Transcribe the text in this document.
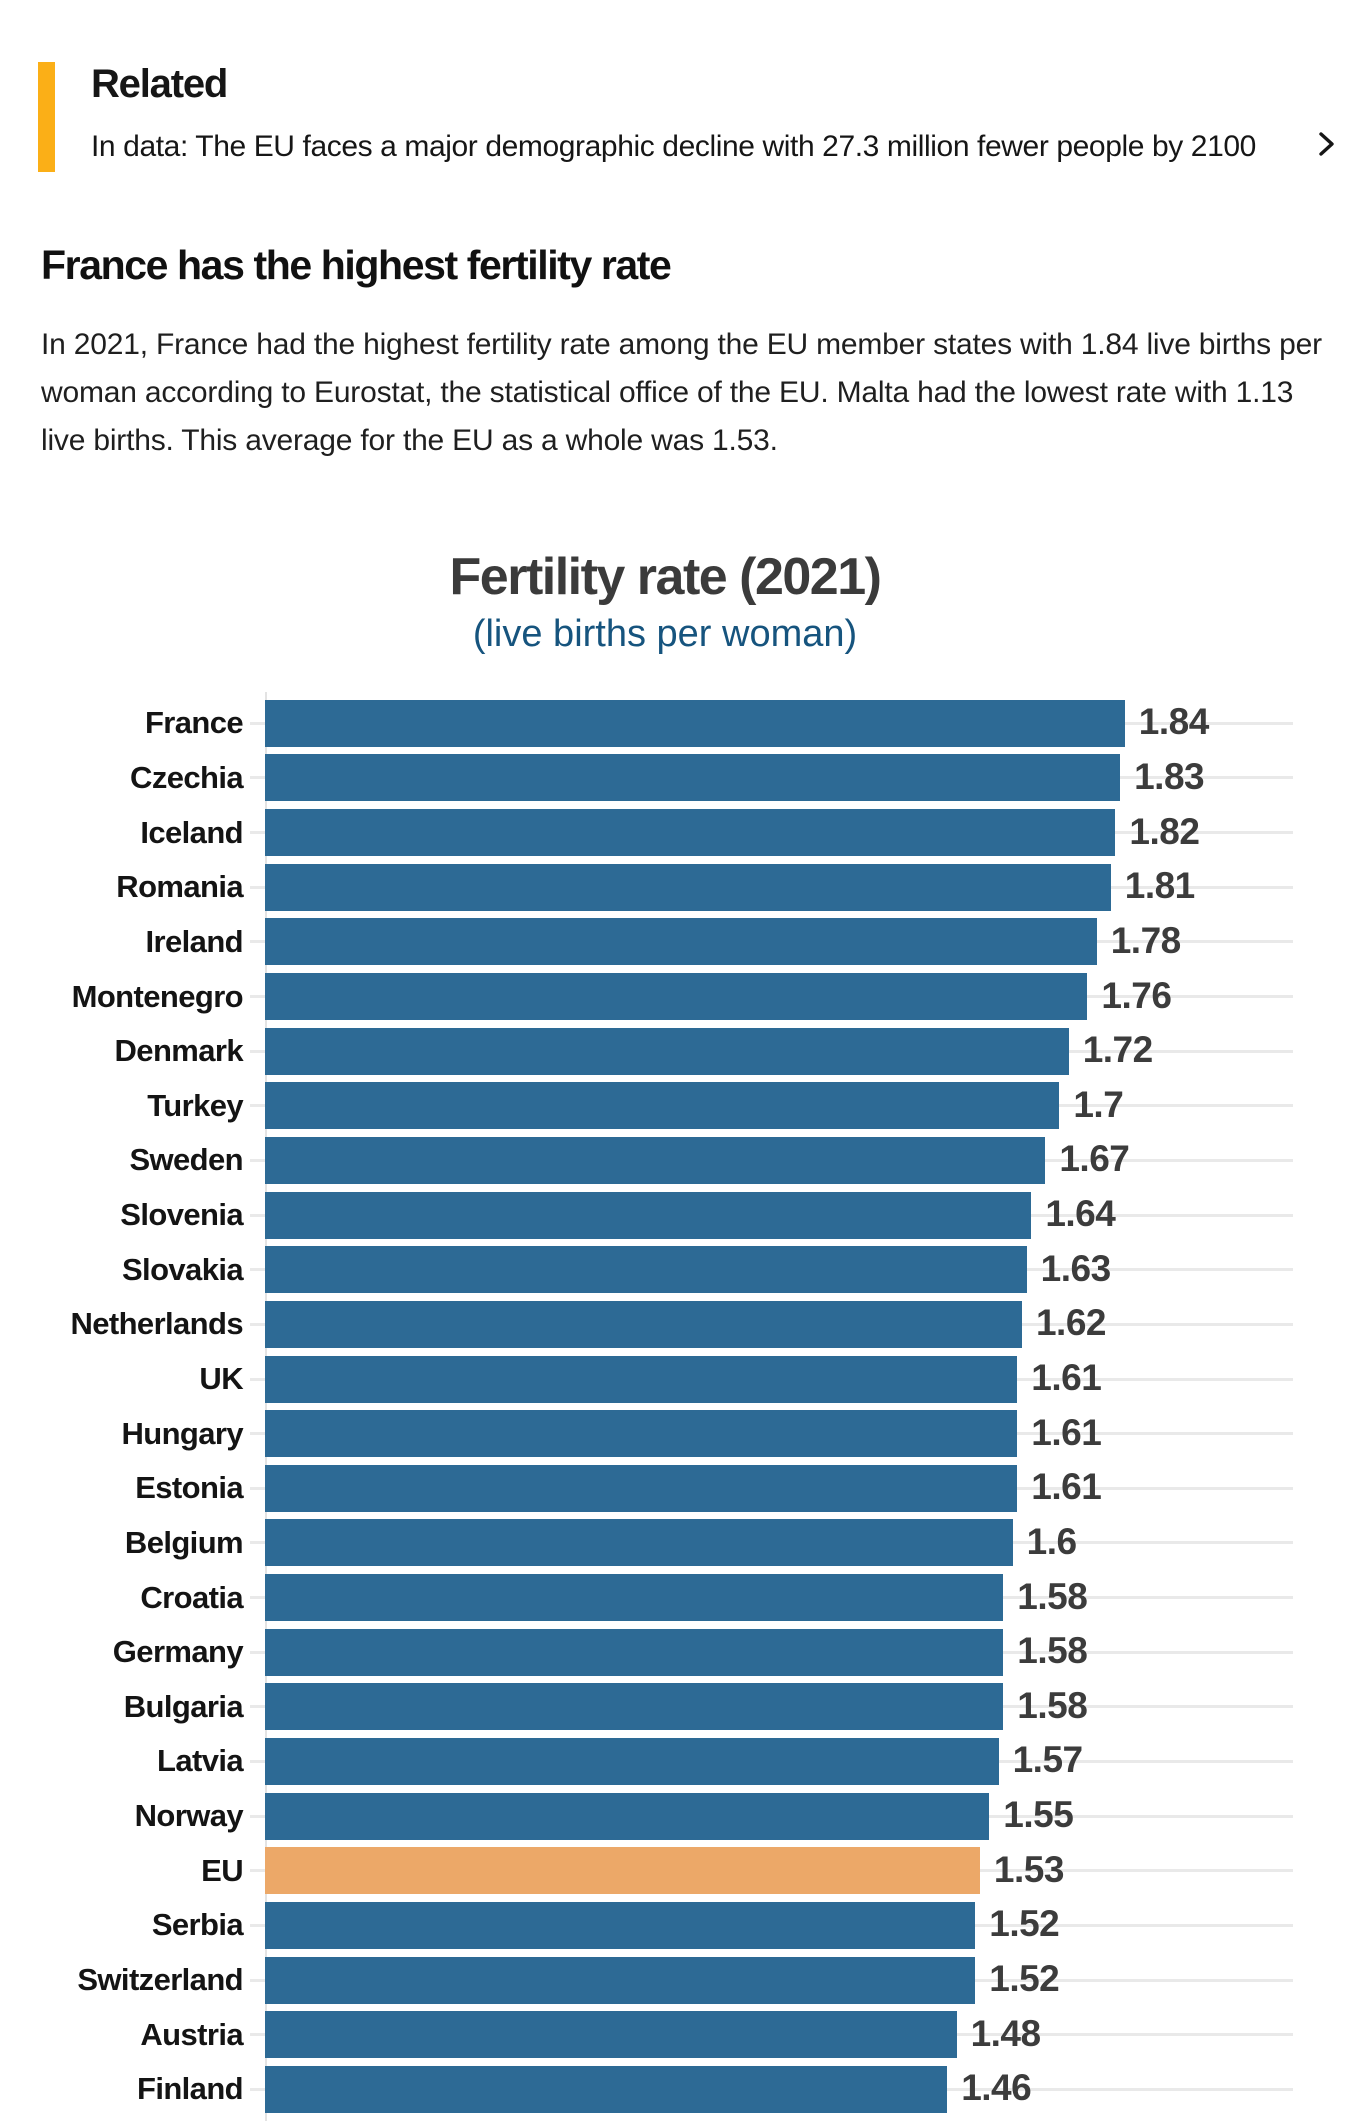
Related
In data: The EU faces a major demographic decline with 27.3 million fewer people by 2100
France has the highest fertility rate

In 2021, France had the highest fertility rate among the EU member states with 1.84 live births per woman according to Eurostat, the statistical office of the EU. Malta had the lowest rate with 1.13 live births. This average for the EU as a whole was 1.53.

Fertility rate (2021)
(live births per woman)
France	1.84
Czechia	1.83
Iceland	1.82
Romania	1.81
Ireland	1.78
Montenegro	1.76
Denmark	1.72
Turkey	1.7
Sweden	1.67
Slovenia	1.64
Slovakia	1.63
Netherlands	1.62
UK	1.61
Hungary	1.61
Estonia	1.61
Belgium	1.6
Croatia	1.58
Germany	1.58
Bulgaria	1.58
Latvia	1.57
Norway	1.55
EU	1.53
Serbia	1.52
Switzerland	1.52
Austria	1.48
Finland	1.46
